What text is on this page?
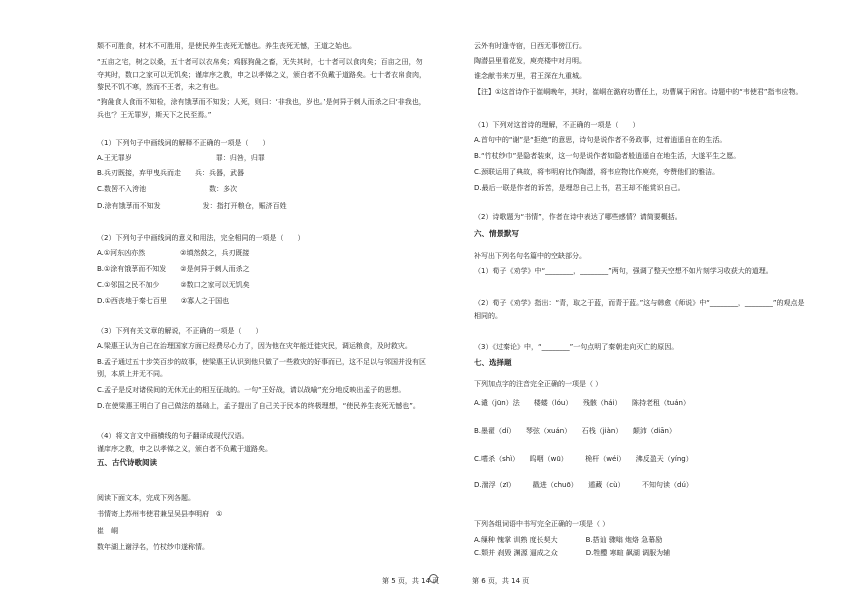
颓不可胜食，材木不可胜用，是使民养生丧死无憾也。养生丧死无憾，王道之始也。
“五亩之宅，树之以桑，五十者可以衣帛矣；鸡豚狗彘之畜，无失其时，七十者可以食肉矣；百亩之田，勿
夺其时，数口之家可以无饥矣；谨庠序之教，申之以孝悌之义，颁白者不负戴于道路矣。七十者衣帛食肉，
黎民不饥不寒，然而不王者，未之有也。
“狗彘食人食而不知检，涂有饿莩而不知发；人死，则曰：‘非我也，岁也。’是何异于刺人而杀之曰‘非我也，
兵也’？王无罪岁，斯天下之民至焉。”
（1）下列句子中画线词的解释不正确的一项是（　　）
A.王无罪岁　　　　　　　　　　　　罪：归咎，归罪
B.兵刃既接，弃甲曳兵而走　　兵：兵器，武器
C.数罟不入洿池　　　　　　　　　数：多次
D.涂有饿莩而不知发　　　　　　发：指打开粮仓，赈济百姓
（2）下列句子中画线词的意义和用法，完全相同的一项是（　　）
A.①河东凶亦然　　　　　②填然鼓之，兵刃既接
B.①涂有饿莩而不知发　　②是何异于刺人而杀之
C.①邻国之民不加少　　　②数口之家可以无饥矣
D.①西丧地于秦七百里　　②寡人之于国也
（3）下列有关文章的解说，不正确的一项是（　　）
A.梁惠王认为自己在治理国家方面已经费尽心力了，因为他在灾年能迁徙灾民，调运粮食，及时救灾。
B.孟子通过五十步笑百步的故事，使梁惠王认识到他只做了一些救灾的好事而已，这不足以与邻国并没有区
别，本质上并无不同。
C.孟子是反对诸侯间的无休无止的相互征战的。一句“王好战，请以战喻”充分地反映出孟子的思想。
D.在使梁惠王明白了自己做法的基础上，孟子提出了自己关于民本的终极理想，“使民养生丧死无憾也”。
（4）将文言文中画横线的句子翻译成现代汉语。
谨庠序之教，申之以孝悌之义，颁白者不负戴于道路矣。
五、古代诗歌阅读
阅读下面文本，完成下列各题。
书情寄上苏州韦使君兼呈吴县李明府　①
崔　峒
数年湖上谢浮名，竹杖纱巾遂称情。
云外有时逢寺宿，日西无事傍江行。
陶潜县里看花发，庾亮楼中对月明。
谁念献书来万里，君王深在九重城。
【注】①这首诗作于崔峒晚年，其时，崔峒在潞府功曹任上，功曹属于闲官。诗题中的“韦使君”指韦应物。
（1）下列对这首诗的理解，不正确的一项是（　　）
A.首句中的“谢”是“拒绝”的意思，诗句是说作者不务政事，过着逍遥自在的生活。
B.“竹杖纱巾”是隐者装束，这一句是说作者如隐者般逍遥自在地生活，大遂平生之愿。
C.颈联运用了典故，将韦明府比作陶潜，将韦应物比作庾亮，夸赞他们的雅洁。
D.最后一联是作者的诉苦，是埋怨自己上书，君王却不能赏识自己。
（2）诗歌题为“书情”，作者在诗中表达了哪些感情？请简要概括。
六、情景默写
补写出下列名句名篇中的空缺部分。
（1）荀子《劝学》中“________，________”两句，强调了整天空想不如片刻学习收获大的道理。
（2）荀子《劝学》指出：“青，取之于蓝，而青于蓝。”这与韩愈《师说》中“________，________”的观点是
相同的。
（3）《过秦论》中，“________”一句点明了秦朝走向灭亡的原因。
七、选择题
下列加点字的注音完全正确的一项是（ ）
A.谴（jūn）法　　楼蝼（lóu）　　残骸（hái）　　陈持老租（tuán）
B.墨翟（dí）　　琴弦（xuán）　　石栈（jiàn）　　颠沛（diān）
C.嗜杀（shì）　　呜咽（wū）　　　桅杆（wéi）　　沸反盈天（yíng）
D.湍浮（zī）　　　戳进（chuō）　　遁藏（cù）　　　不知句读（dú）
下列各组词语中书写完全正确的一项是（ ）
A.缫种 愧掌 训熟 度长契大　　　　B.搭讪 骤嗡 炮烙 急幕励
C.颓并 刹毁 渊源 逼成之众　　　　D.牲醴 寒暄 飙湖 调服为辅
第 5 页，共 14 页	第 6 页，共 14 页
